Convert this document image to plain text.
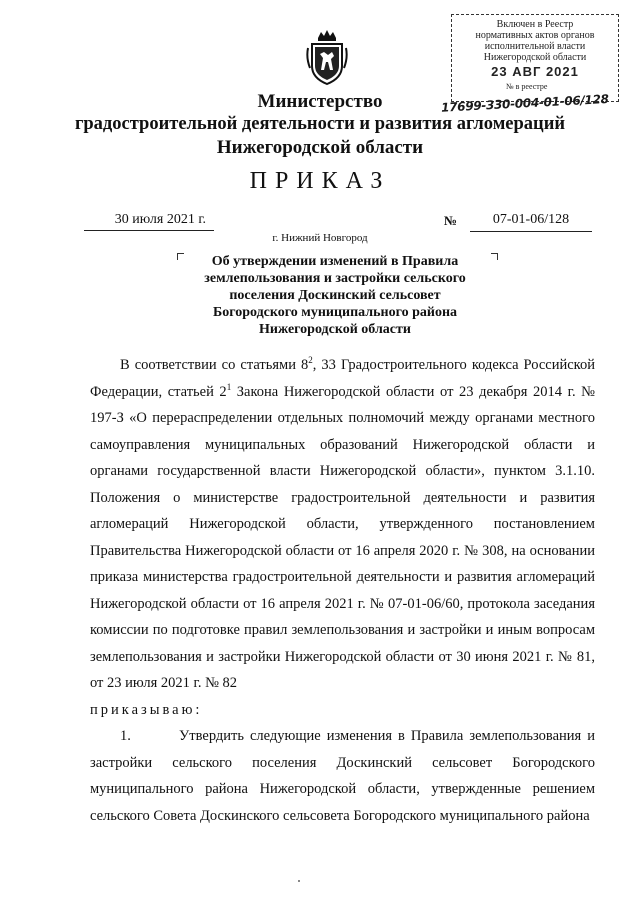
Включен в Реестр
нормативных актов органов
исполнительной власти
Нижегородской области
23 АВГ 2021
№ в реестре
17699-330-004-01-06/128
Министерство
градостроительной деятельности и развития агломераций
Нижегородской области
ПРИКАЗ
30 июля 2021 г.	№	07-01-06/128
г. Нижний Новгород
Об утверждении изменений в Правила
землепользования и застройки сельского
поселения Доскинский сельсовет
Богородского муниципального района
Нижегородской области

В соответствии со статьями $8^2$, 33 Градостроительного кодекса Российской Федерации, статьей $2^1$ Закона Нижегородской области от 23 декабря 2014 г. № 197-З «О перераспределении отдельных полномочий между органами местного самоуправления муниципальных образований Нижегородской области и органами государственной власти Нижегородской области», пунктом 3.1.10. Положения о министерстве градостроительной деятельности и развития агломераций Нижегородской области, утвержденного постановлением Правительства Нижегородской области от 16 апреля 2020 г. № 308, на основании приказа министерства градостроительной деятельности и развития агломераций Нижегородской области от 16 апреля 2021 г. № 07-01-06/60, протокола заседания комиссии по подготовке правил землепользования и застройки и иным вопросам землепользования и застройки Нижегородской области от 30 июня 2021 г. № 81, от 23 июля 2021 г. № 82

приказываю:

1.        Утвердить следующие изменения в Правила землепользования и застройки сельского поселения Доскинский сельсовет Богородского муниципального района Нижегородской области, утвержденные решением сельского Совета Доскинского сельсовета Богородского муниципального района
